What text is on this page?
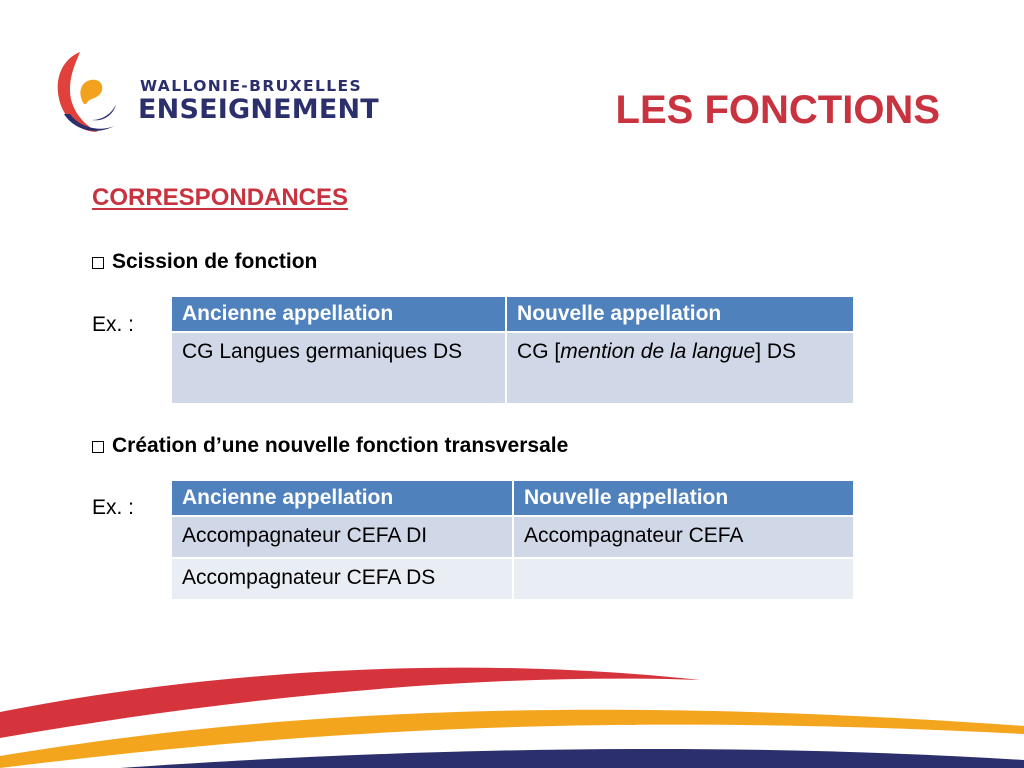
WALLONIE-BRUXELLES
ENSEIGNEMENT	LES FONCTIONS
CORRESPONDANCES
Scission de fonction
Ex. : Ancienne appellation	Nouvelle appellation
CG Langues germaniques DS	CG [mention de la langue] DS
Création d’une nouvelle fonction transversale
Ex. : Ancienne appellation	Nouvelle appellation
Accompagnateur CEFA DI	Accompagnateur CEFA
Accompagnateur CEFA DS	
